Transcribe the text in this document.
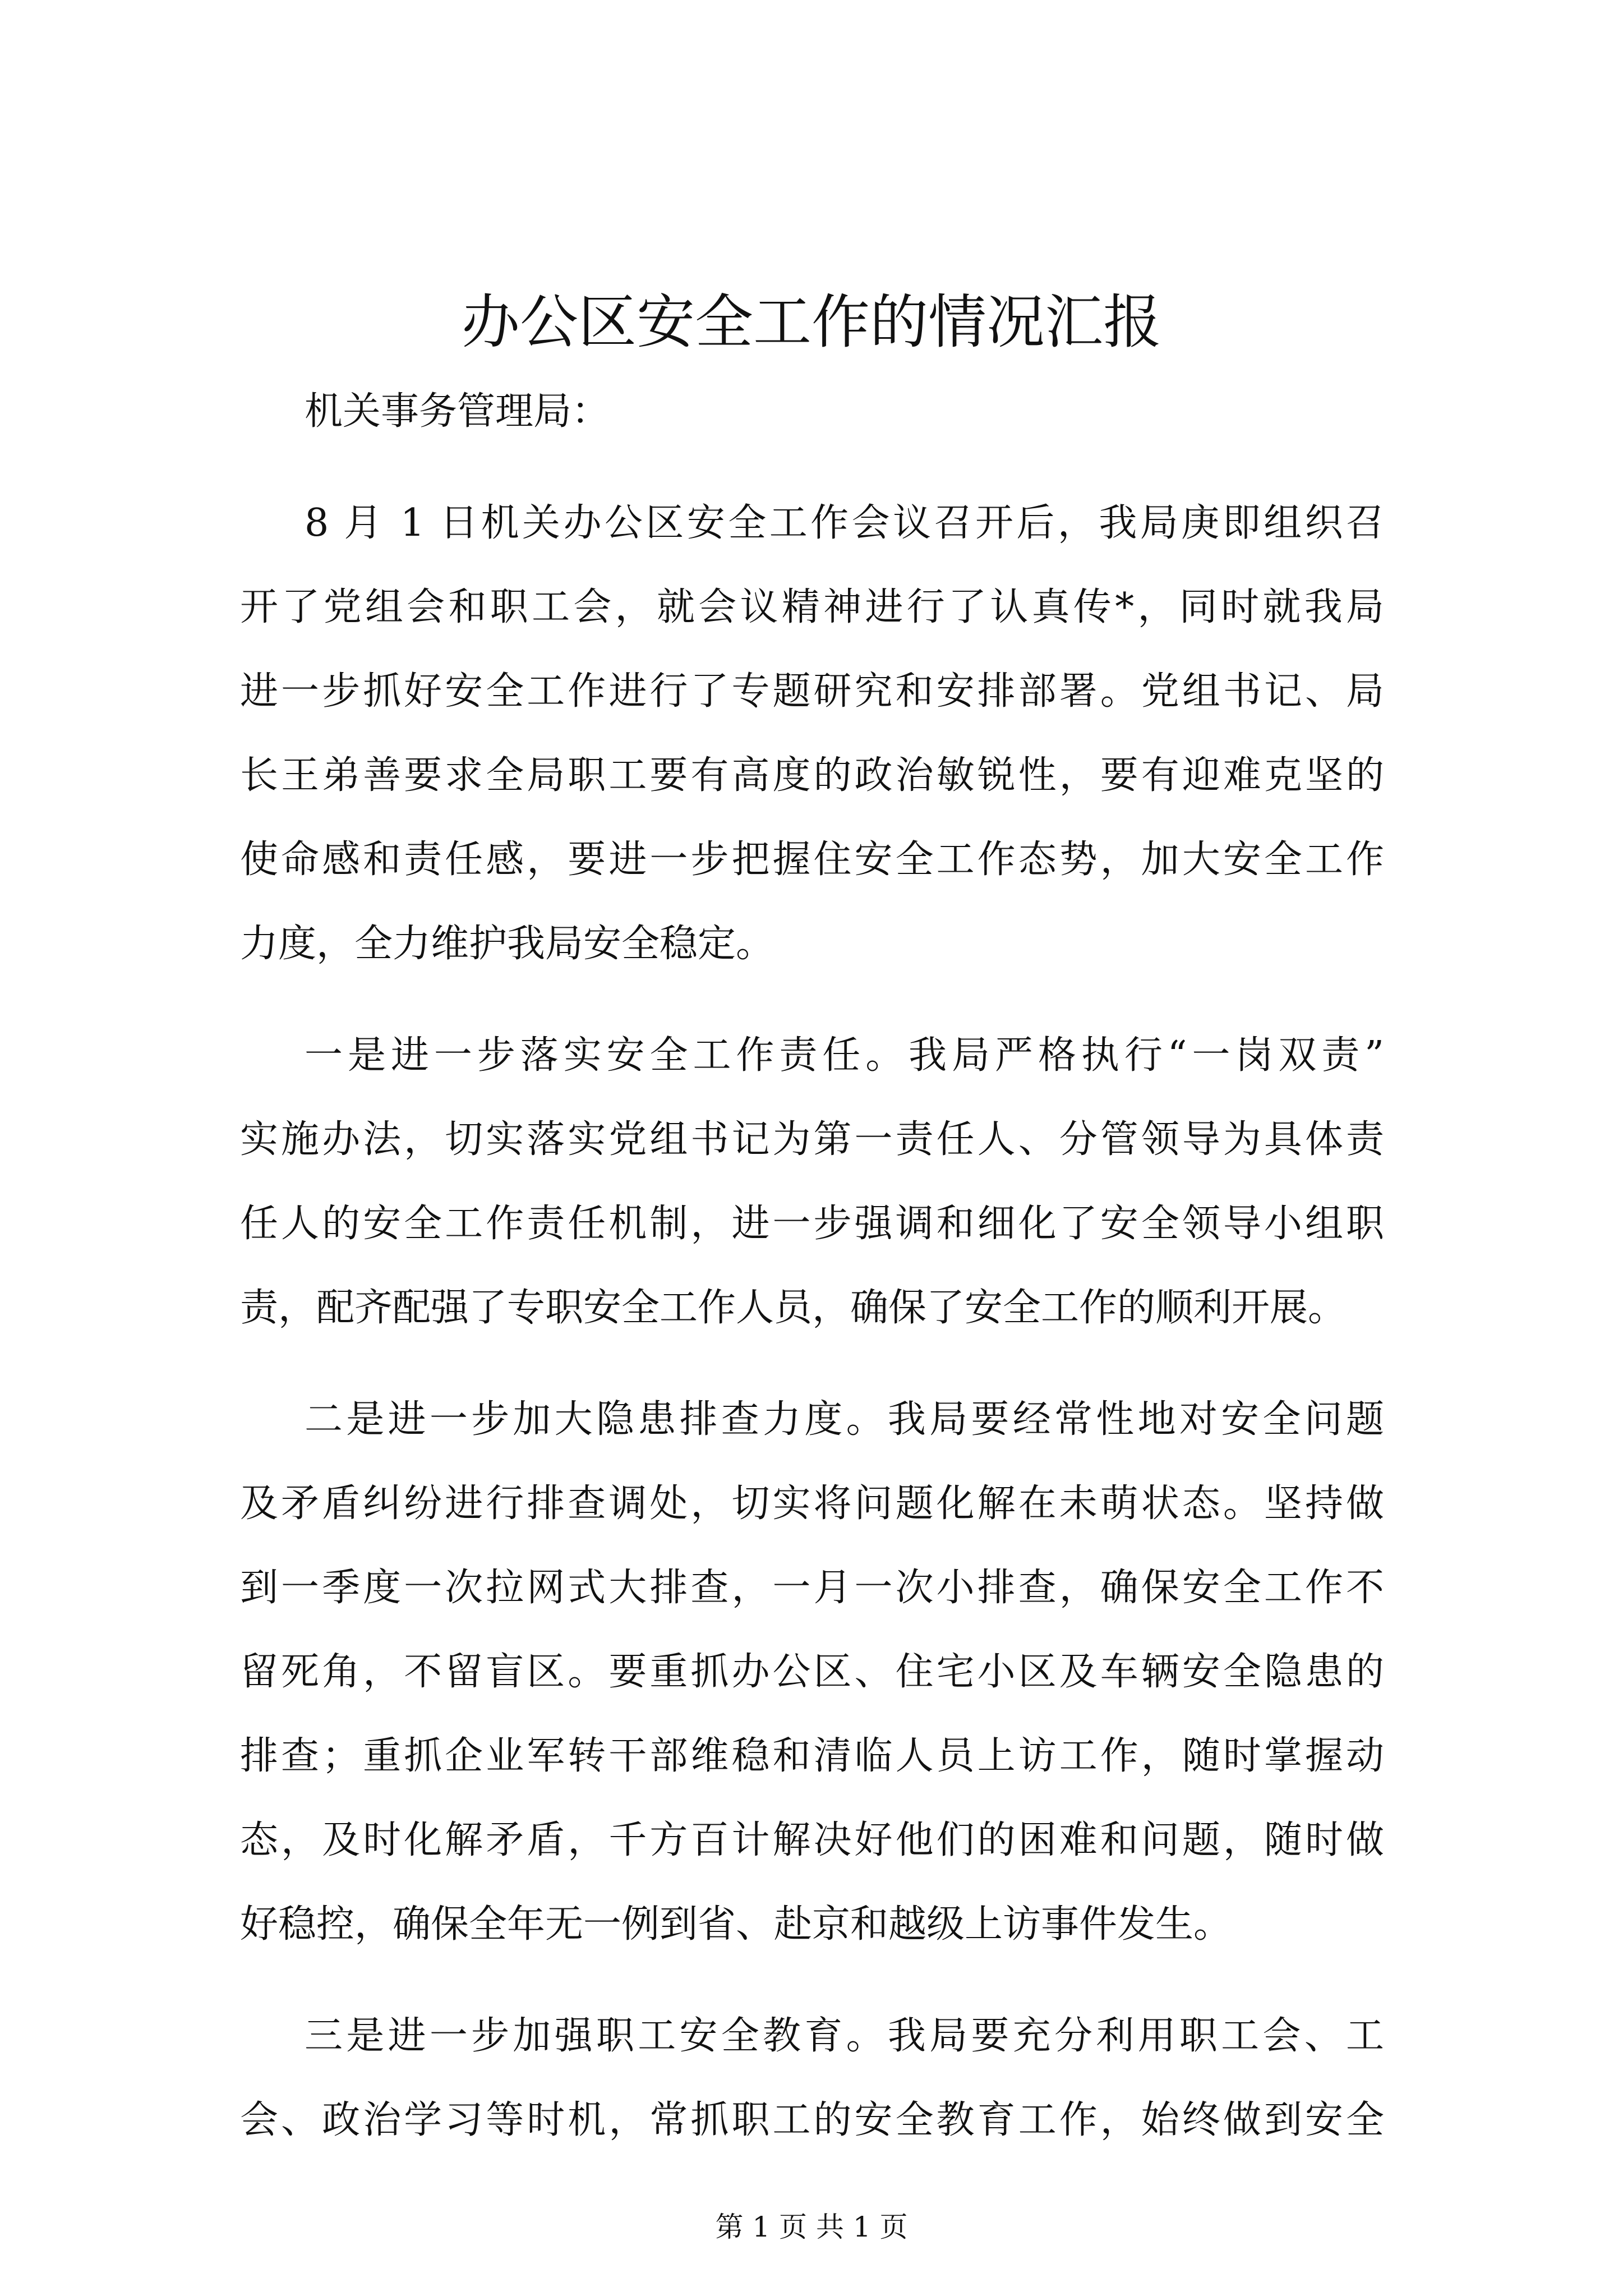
办公区安全工作的情况汇报
机关事务管理局：
8 月 1 日机关办公区安全工作会议召开后，我局庚即组织召
开了党组会和职工会，就会议精神进行了认真传*，同时就我局
进一步抓好安全工作进行了专题研究和安排部署。党组书记、局
长王弟善要求全局职工要有高度的政治敏锐性，要有迎难克坚的
使命感和责任感，要进一步把握住安全工作态势，加大安全工作
力度，全力维护我局安全稳定。
一是进一步落实安全工作责任。我局严格执行“一岗双责”
实施办法，切实落实党组书记为第一责任人、分管领导为具体责
任人的安全工作责任机制，进一步强调和细化了安全领导小组职
责，配齐配强了专职安全工作人员，确保了安全工作的顺利开展。
二是进一步加大隐患排查力度。我局要经常性地对安全问题
及矛盾纠纷进行排查调处，切实将问题化解在未萌状态。坚持做
到一季度一次拉网式大排查，一月一次小排查，确保安全工作不
留死角，不留盲区。要重抓办公区、住宅小区及车辆安全隐患的
排查；重抓企业军转干部维稳和清临人员上访工作，随时掌握动
态，及时化解矛盾，千方百计解决好他们的困难和问题，随时做
好稳控，确保全年无一例到省、赴京和越级上访事件发生。
三是进一步加强职工安全教育。我局要充分利用职工会、工
会、政治学习等时机，常抓职工的安全教育工作，始终做到安全
第 1 页 共 1 页
